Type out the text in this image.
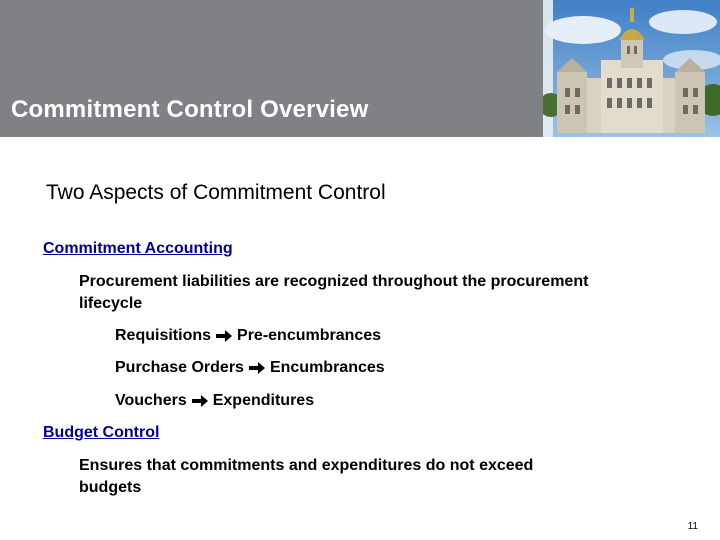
Commitment Control Overview
Two Aspects of Commitment Control
Commitment Accounting
Procurement liabilities are recognized throughout the procurement lifecycle
Requisitions Pre-encumbrances
Purchase Orders Encumbrances
Vouchers Expenditures
Budget Control
Ensures that commitments and expenditures do not exceed budgets
11
